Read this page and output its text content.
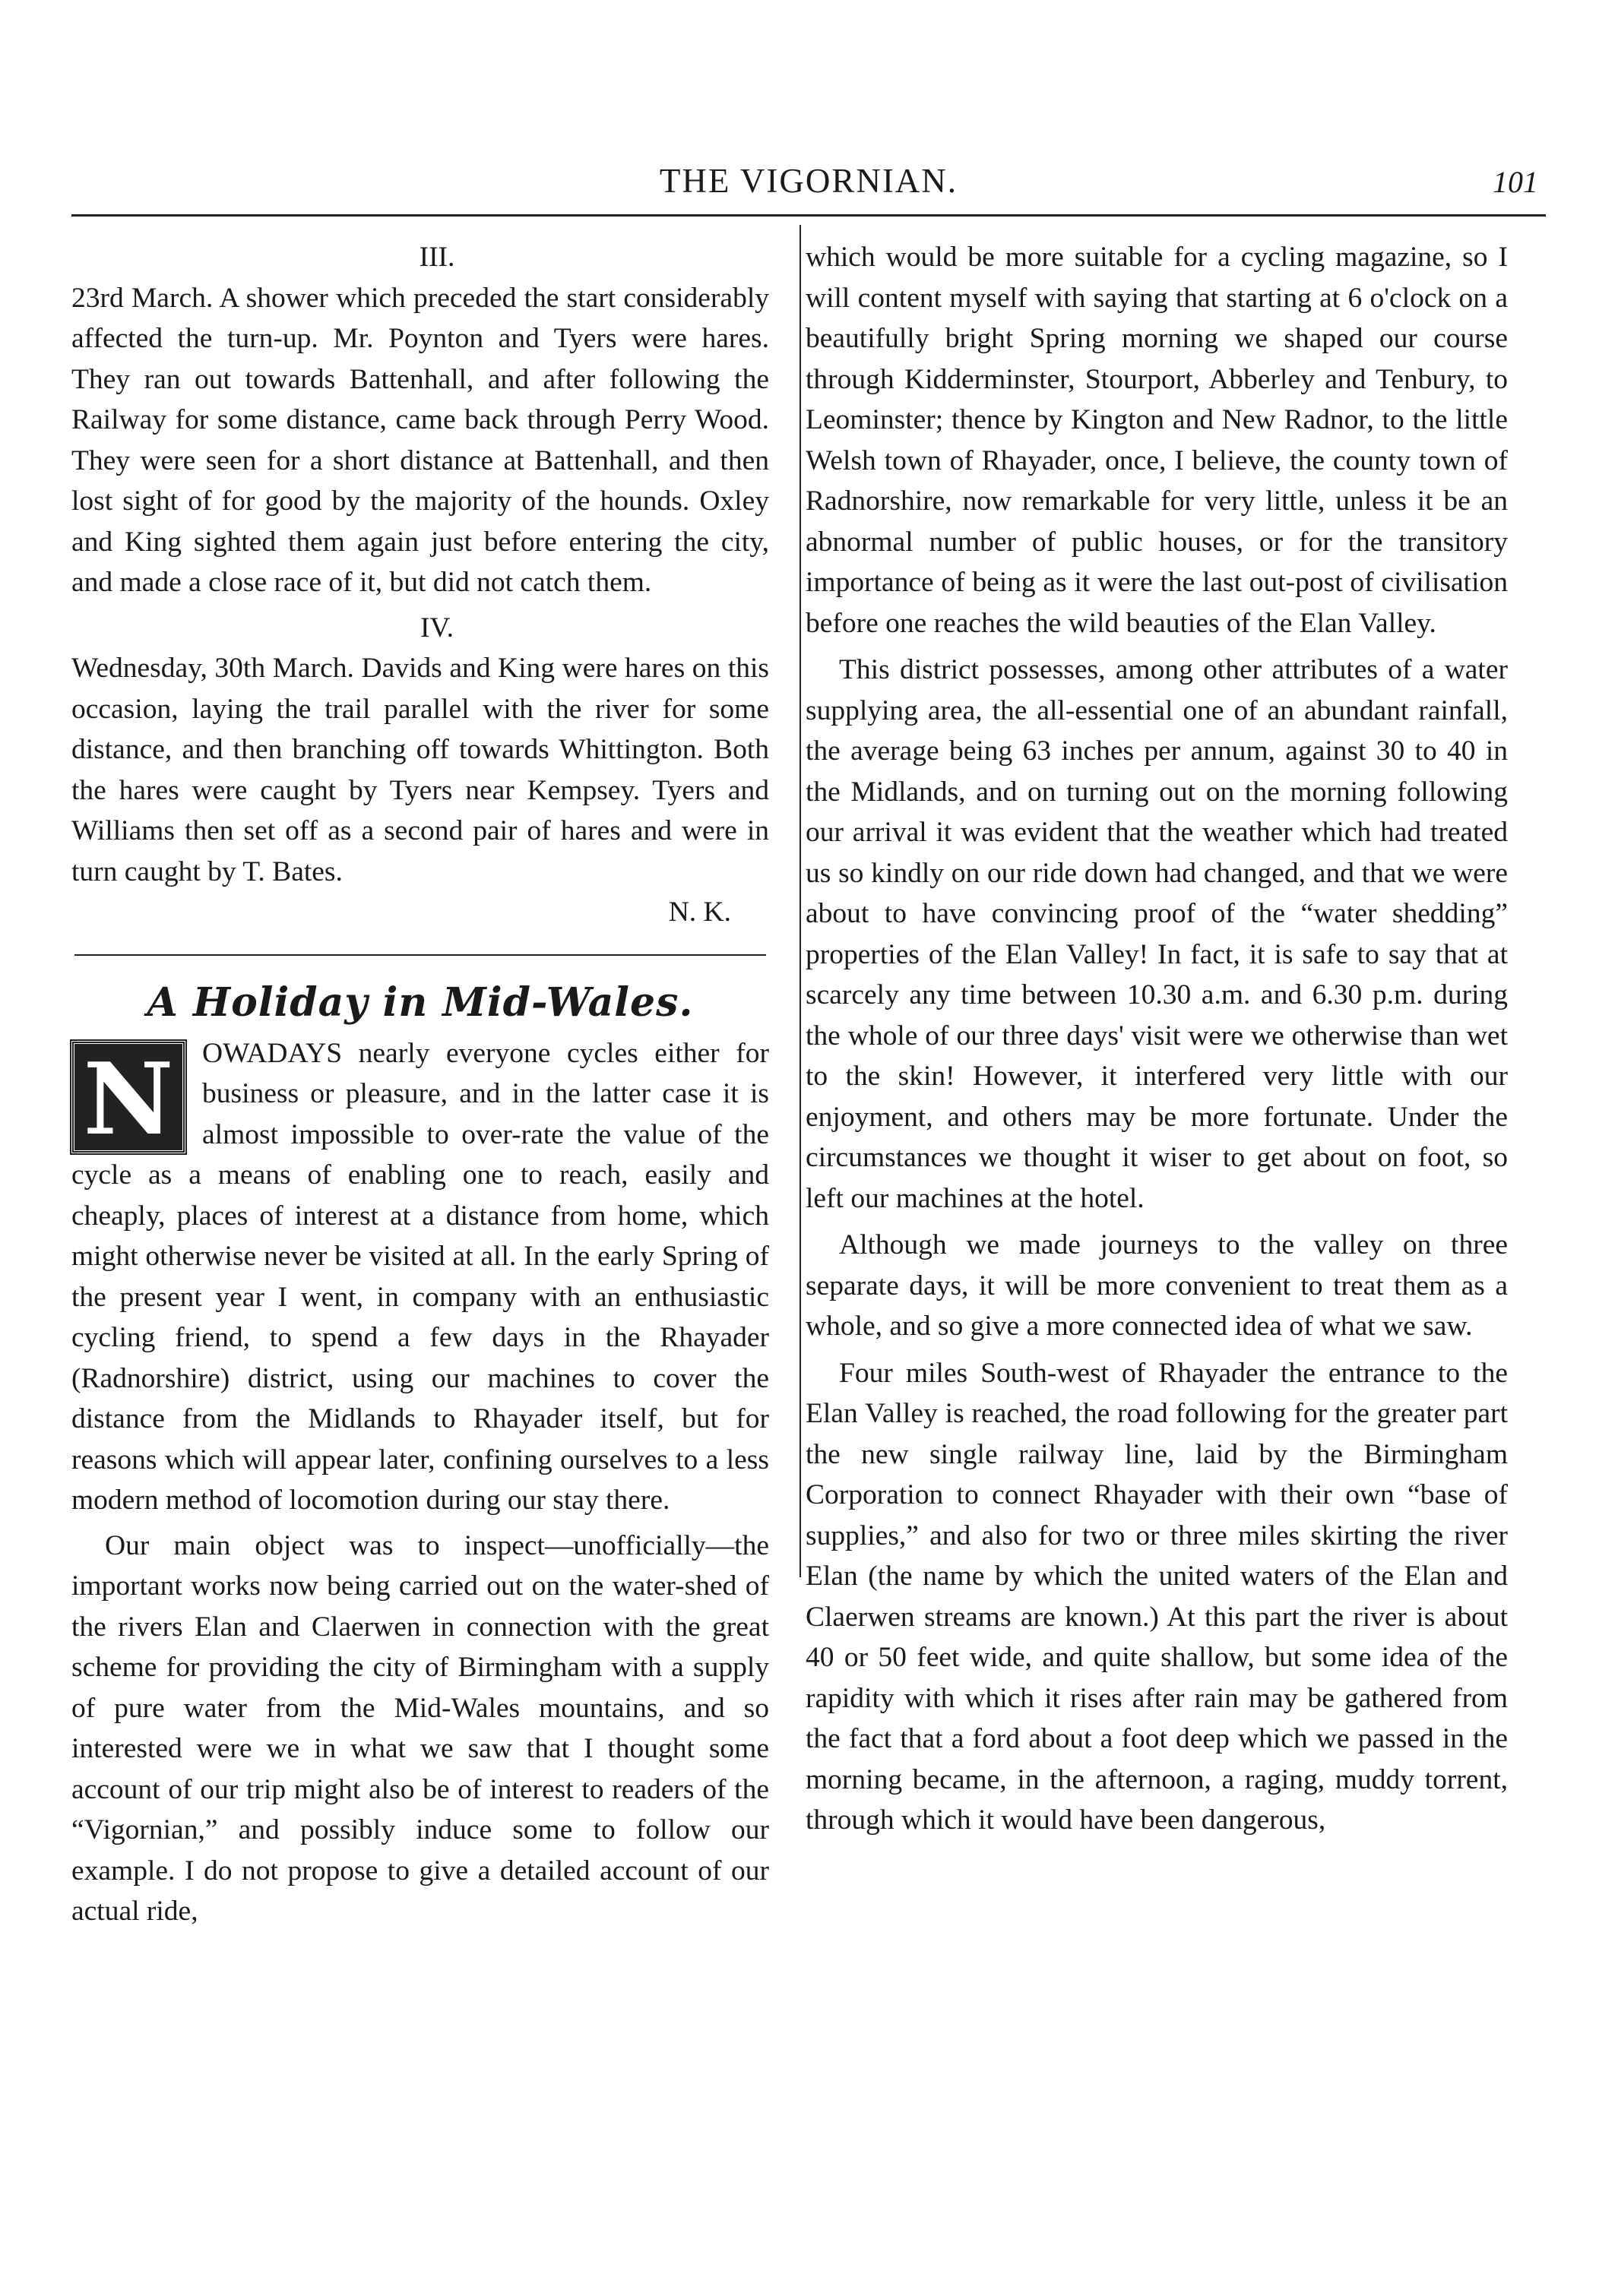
THE VIGORNIAN.	101

III.

23rd March. A shower which preceded the start considerably affected the turn-up. Mr. Poynton and Tyers were hares. They ran out towards Battenhall, and after following the Railway for some distance, came back through Perry Wood. They were seen for a short distance at Battenhall, and then lost sight of for good by the majority of the hounds. Oxley and King sighted them again just before entering the city, and made a close race of it, but did not catch them.

IV.

Wednesday, 30th March. Davids and King were hares on this occasion, laying the trail parallel with the river for some distance, and then branching off towards Whittington. Both the hares were caught by Tyers near Kempsey. Tyers and Williams then set off as a second pair of hares and were in turn caught by T. Bates.

N. K.

A Holiday in Mid-Wales.

N	OWADAYS nearly everyone cycles either for business or pleasure, and in the latter case it is almost impossible to over-rate the value of the cycle as a means of enabling one to reach, easily and cheaply, places of interest at a distance from home, which might otherwise never be visited at all. In the early Spring of the present year I went, in company with an enthusiastic cycling friend, to spend a few days in the Rhayader (Radnorshire) district, using our machines to cover the distance from the Midlands to Rhayader itself, but for reasons which will appear later, confining ourselves to a less modern method of locomotion during our stay there.

Our main object was to inspect—unofficially—the important works now being carried out on the water-shed of the rivers Elan and Claerwen in connection with the great scheme for providing the city of Birmingham with a supply of pure water from the Mid-Wales mountains, and so interested were we in what we saw that I thought some account of our trip might also be of interest to readers of the “Vigornian,” and possibly induce some to follow our example. I do not propose to give a detailed account of our actual ride,

which would be more suitable for a cycling magazine, so I will content myself with saying that starting at 6 o'clock on a beautifully bright Spring morning we shaped our course through Kidderminster, Stourport, Abberley and Tenbury, to Leominster; thence by Kington and New Radnor, to the little Welsh town of Rhayader, once, I believe, the county town of Radnorshire, now remarkable for very little, unless it be an abnormal number of public houses, or for the transitory importance of being as it were the last out-post of civilisation before one reaches the wild beauties of the Elan Valley.

This district possesses, among other attributes of a water supplying area, the all-essential one of an abundant rainfall, the average being 63 inches per annum, against 30 to 40 in the Midlands, and on turning out on the morning following our arrival it was evident that the weather which had treated us so kindly on our ride down had changed, and that we were about to have convincing proof of the “water shedding” properties of the Elan Valley! In fact, it is safe to say that at scarcely any time between 10.30 a.m. and 6.30 p.m. during the whole of our three days' visit were we otherwise than wet to the skin! However, it interfered very little with our enjoyment, and others may be more fortunate. Under the circumstances we thought it wiser to get about on foot, so left our machines at the hotel.

Although we made journeys to the valley on three separate days, it will be more convenient to treat them as a whole, and so give a more connected idea of what we saw.

Four miles South-west of Rhayader the entrance to the Elan Valley is reached, the road following for the greater part the new single railway line, laid by the Birmingham Corporation to connect Rhayader with their own “base of supplies,” and also for two or three miles skirting the river Elan (the name by which the united waters of the Elan and Claerwen streams are known.) At this part the river is about 40 or 50 feet wide, and quite shallow, but some idea of the rapidity with which it rises after rain may be gathered from the fact that a ford about a foot deep which we passed in the morning became, in the afternoon, a raging, muddy torrent, through which it would have been dangerous,
